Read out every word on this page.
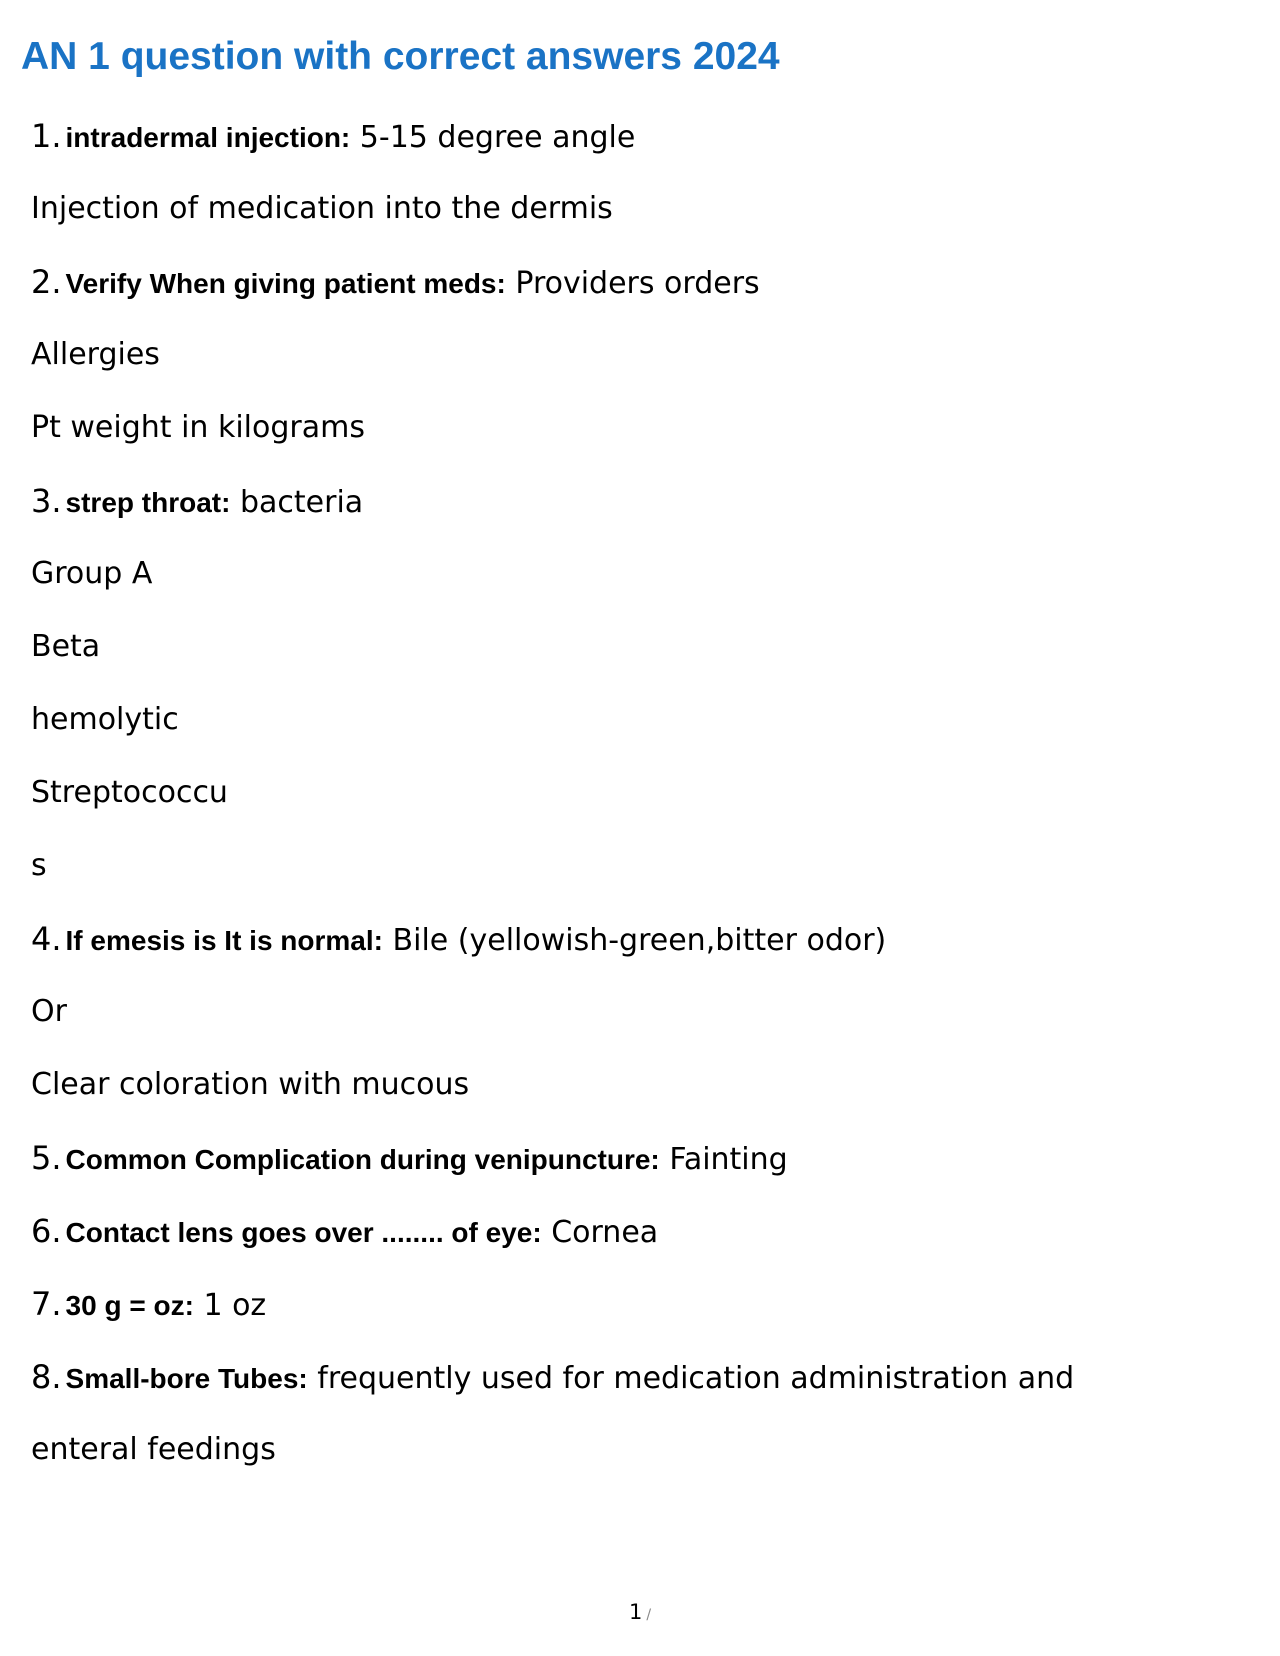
AN 1 question with correct answers 2024
1. intradermal injection: 5-15 degree angle
Injection of medication into the dermis
2. Verify When giving patient meds: Providers orders
Allergies
Pt weight in kilograms
3. strep throat: bacteria
Group A
Beta
hemolytic
Streptococcu
s
4. If emesis is It is normal: Bile (yellowish-green,bitter odor)
Or
Clear coloration with mucous
5. Common Complication during venipuncture: Fainting
6. Contact lens goes over ........ of eye: Cornea
7. 30 g = oz: 1 oz
8. Small-bore Tubes: frequently used for medication administration and
enteral feedings
1 /
